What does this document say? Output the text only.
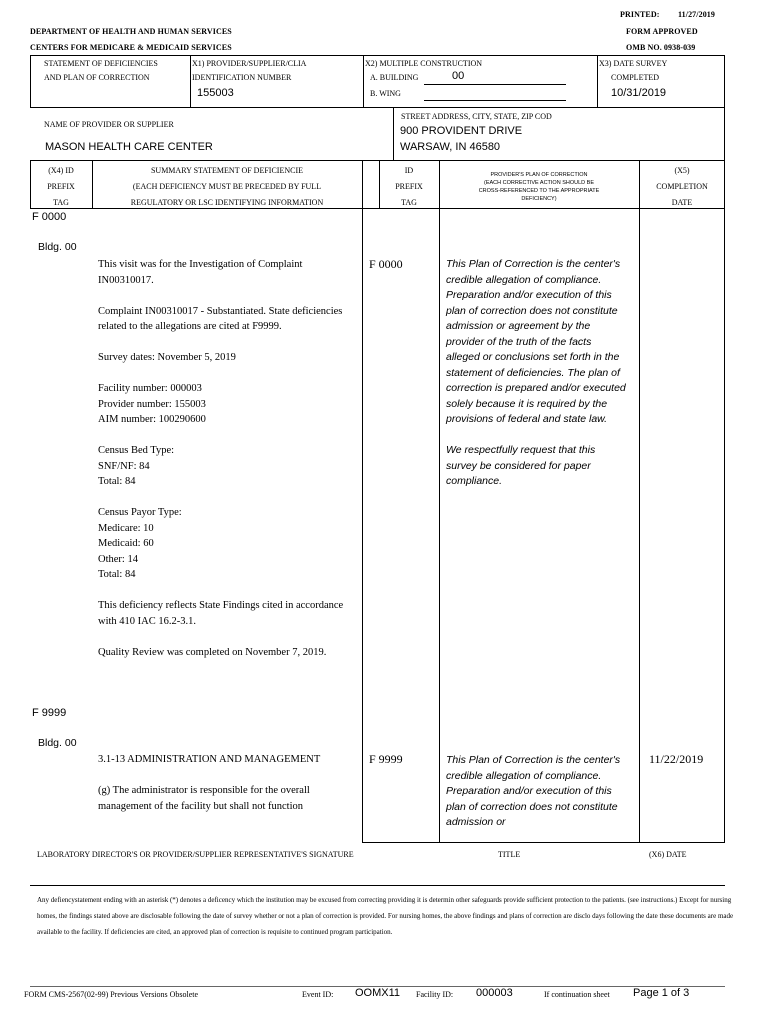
PRINTED: 11/27/2019
DEPARTMENT OF HEALTH AND HUMAN SERVICES
CENTERS FOR MEDICARE & MEDICAID SERVICES
FORM APPROVED
OMB NO. 0938-039
STATEMENT OF DEFICIENCIES
AND PLAN OF CORRECTION
X1) PROVIDER/SUPPLIER/CLIA
IDENTIFICATION NUMBER
155003
X2) MULTIPLE CONSTRUCTION
A. BUILDING	00
B. WING
X3) DATE SURVEY
COMPLETED
10/31/2019
NAME OF PROVIDER OR SUPPLIER
MASON HEALTH CARE CENTER
STREET ADDRESS, CITY, STATE, ZIP COD
900 PROVIDENT DRIVE
WARSAW, IN 46580
(X4) ID
PREFIX
TAG
SUMMARY STATEMENT OF DEFICIENCIE
(EACH DEFICIENCY MUST BE PRECEDED BY FULL
REGULATORY OR LSC IDENTIFYING INFORMATION
ID
PREFIX
TAG
PROVIDER'S PLAN OF CORRECTION
(EACH CORRECTIVE ACTION SHOULD BE
CROSS-REFERENCED TO THE APPROPRIATE
DEFICIENCY)
(X5)
COMPLETION
DATE
F 0000
Bldg. 00

This visit was for the Investigation of Complaint IN00310017.

Complaint IN00310017 - Substantiated. State deficiencies related to the allegations are cited at F9999.

Survey dates: November 5, 2019

Facility number: 000003
Provider number: 155003
AIM number: 100290600

Census Bed Type:
SNF/NF: 84
Total: 84

Census Payor Type:
Medicare: 10
Medicaid: 60
Other: 14
Total: 84

This deficiency reflects State Findings cited in accordance with 410 IAC 16.2-3.1.

Quality Review was completed on November 7, 2019.

F 0000	This Plan of Correction is the center's credible allegation of compliance. Preparation and/or execution of this plan of correction does not constitute admission or agreement by the provider of the truth of the facts alleged or conclusions set forth in the statement of deficiencies. The plan of correction is prepared and/or executed solely because it is required by the provisions of federal and state law.

We respectfully request that this survey be considered for paper compliance.

F 9999
Bldg. 00

3.1-13 ADMINISTRATION AND MANAGEMENT

(g) The administrator is responsible for the overall management of the facility but shall not function

F 9999	This Plan of Correction is the center's credible allegation of compliance. Preparation and/or execution of this plan of correction does not constitute admission or
11/22/2019
LABORATORY DIRECTOR'S OR PROVIDER/SUPPLIER REPRESENTATIVE'S SIGNATURE	TITLE	(X6) DATE
Any defiencystatement ending with an asterisk (*) denotes a deficency which the institution may be excused from correcting providing it is determin other safeguards provide sufficient protection to the patients. (see instructions.) Except for nursing homes, the findings stated above are disclosable following the date of survey whether or not a plan of correction is provided. For nursing homes, the above findings and plans of correction are disclo days following the date these documents are made available to the facility. If deficiencies are cited, an approved plan of correction is requisite to continued program participation.
FORM CMS-2567(02-99) Previous Versions Obsolete	Event ID: OOMX11 Facility ID: 000003	If continuation sheet Page 1 of 3
